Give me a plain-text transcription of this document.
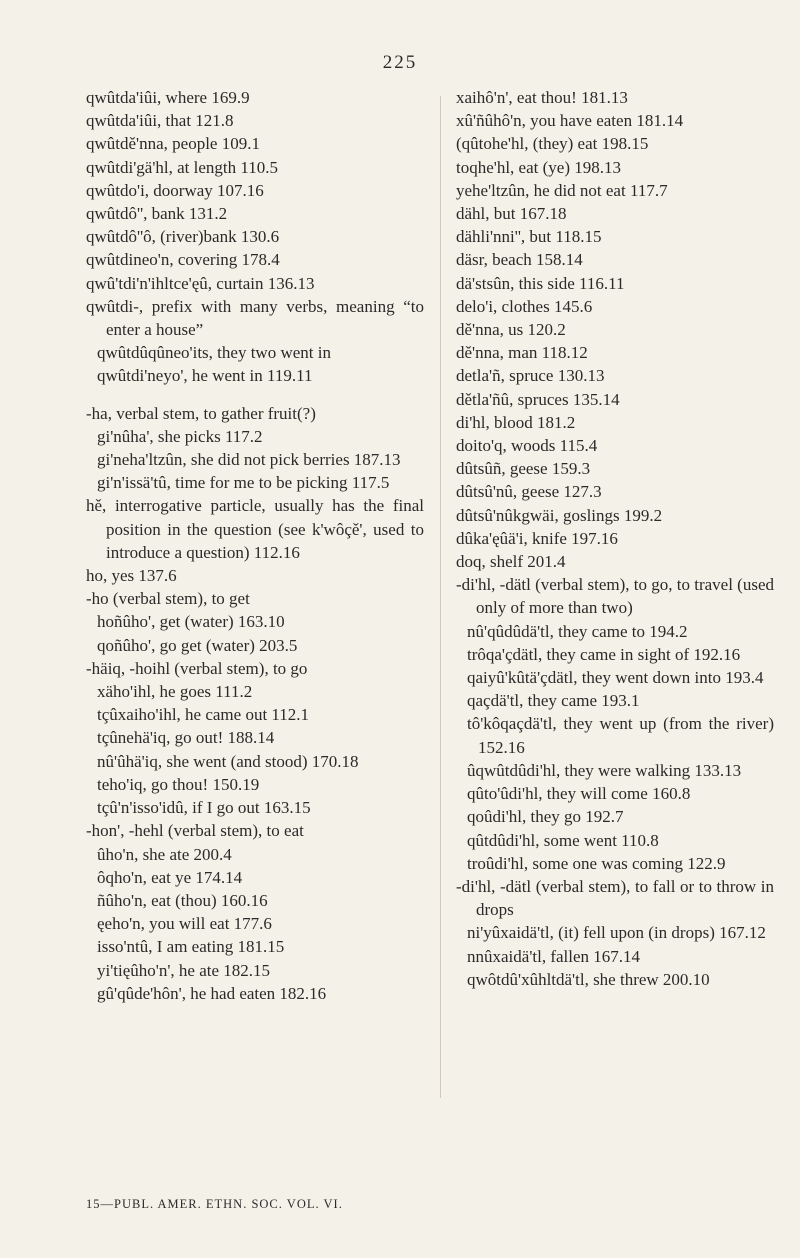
225
qwûtda'iûi, where 169.9
qwûtda'iûi, that 121.8
qwûtdě'nna, people 109.1
qwûtdi'gä'hl, at length 110.5
qwûtdo'i, doorway 107.16
qwûtdô'', bank 131.2
qwûtdô''ô, (river)bank 130.6
qwûtdineo'n, covering 178.4
qwû'tdi'n'ihltce'ęû, curtain 136.13
qwûtdi-, prefix with many verbs, meaning “to enter a house”
qwûtdûqûneo'its, they two went in
qwûtdi'neyo', he went in 119.11
-ha, verbal stem, to gather fruit(?)
gi'nûha', she picks 117.2
gi'neha'ltzûn, she did not pick berries 187.13
gi'n'issä'tû, time for me to be picking 117.5
hě, interrogative particle, usually has the final position in the question (see k'wôçě', used to introduce a question) 112.16
ho, yes 137.6
-ho (verbal stem), to get
hoñûho', get (water) 163.10
qoñûho', go get (water) 203.5
-häiq, -hoihl (verbal stem), to go
xäho'ihl, he goes 111.2
tçûxaiho'ihl, he came out 112.1
tçûnehä'iq, go out! 188.14
nû'ûhä'iq, she went (and stood) 170.18
teho'iq, go thou! 150.19
tçû'n'isso'idû, if I go out 163.15
-hon', -hehl (verbal stem), to eat
ûho'n, she ate 200.4
ôqho'n, eat ye 174.14
ñûho'n, eat (thou) 160.16
ęeho'n, you will eat 177.6
isso'ntû, I am eating 181.15
yi'tięûho'n', he ate 182.15
gû'qûde'hôn', he had eaten 182.16
xaihô'n', eat thou! 181.13
xû'ñûhô'n, you have eaten 181.14
(qûtohe'hl, (they) eat 198.15
toqhe'hl, eat (ye) 198.13
yehe'ltzûn, he did not eat 117.7
dähl, but 167.18
dähli'nni'', but 118.15
däsr, beach 158.14
dä'stsûn, this side 116.11
delo'i, clothes 145.6
dě'nna, us 120.2
dě'nna, man 118.12
detla'ñ, spruce 130.13
dětla'ñû, spruces 135.14
di'hl, blood 181.2
doito'q, woods 115.4
dûtsûñ, geese 159.3
dûtsû'nû, geese 127.3
dûtsû'nûkgwäi, goslings 199.2
dûka'ęûä'i, knife 197.16
doq, shelf 201.4
-di'hl, -dätl (verbal stem), to go, to travel (used only of more than two)
nû'qûdûdä'tl, they came to 194.2
trôqa'çdätl, they came in sight of 192.16
qaiyû'kûtä'çdätl, they went down into 193.4
qaçdä'tl, they came 193.1
tô'kôqaçdä'tl, they went up (from the river) 152.16
ûqwûtdûdi'hl, they were walking 133.13
qûto'ûdi'hl, they will come 160.8
qoûdi'hl, they go 192.7
qûtdûdi'hl, some went 110.8
troûdi'hl, some one was coming 122.9
-di'hl, -dätl (verbal stem), to fall or to throw in drops
ni'yûxaidä'tl, (it) fell upon (in drops) 167.12
nnûxaidä'tl, fallen 167.14
qwôtdû'xûhltdä'tl, she threw 200.10
15—PUBL. AMER. ETHN. SOC. VOL. VI.
